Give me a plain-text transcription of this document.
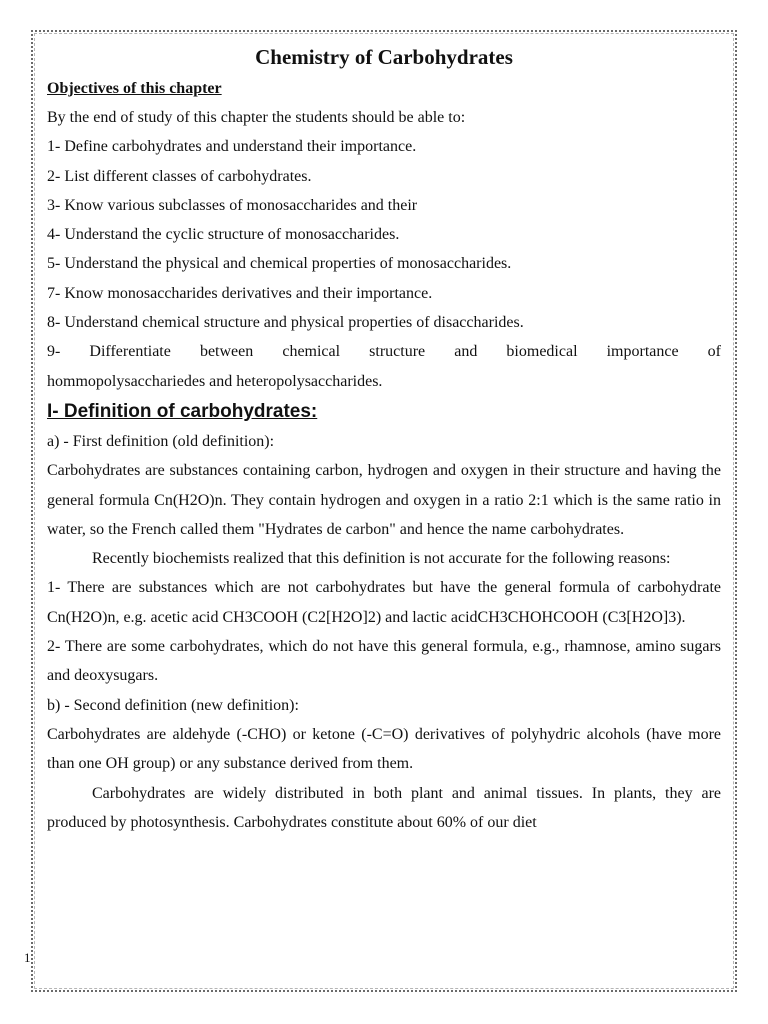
Chemistry of Carbohydrates

Objectives of this chapter

By the end of study of this chapter the students should be able to:

1- Define carbohydrates and understand their importance.

2- List different classes of carbohydrates.

3- Know various subclasses of monosaccharides and their

4- Understand the cyclic structure of monosaccharides.

5- Understand the physical and chemical properties of monosaccharides.

7- Know monosaccharides derivatives and their importance.

8- Understand chemical structure and physical properties of disaccharides.

9- Differentiate between chemical structure and biomedical importance of

hommopolysacchariedes and heteropolysaccharides.

I- Definition of carbohydrates:

a) - First definition (old definition):

Carbohydrates are substances containing carbon, hydrogen and oxygen in their structure and having the general formula Cn(H2O)n. They contain hydrogen and oxygen in a ratio 2:1 which is the same ratio in water, so the French called them "Hydrates de carbon" and hence the name carbohydrates.

Recently biochemists realized that this definition is not accurate for the following reasons:

1- There are substances which are not carbohydrates but have the general formula of carbohydrate Cn(H2O)n, e.g. acetic acid CH3COOH (C2[H2O]2) and lactic acidCH3CHOHCOOH (C3[H2O]3).

2- There are some carbohydrates, which do not have this general formula, e.g., rhamnose, amino sugars and deoxysugars.

b) - Second definition (new definition):

Carbohydrates are aldehyde (-CHO) or ketone (-C=O) derivatives of polyhydric alcohols (have more than one OH group) or any substance derived from them.

Carbohydrates are widely distributed in both plant and animal tissues. In plants, they are produced by photosynthesis. Carbohydrates constitute about 60% of our diet

1
